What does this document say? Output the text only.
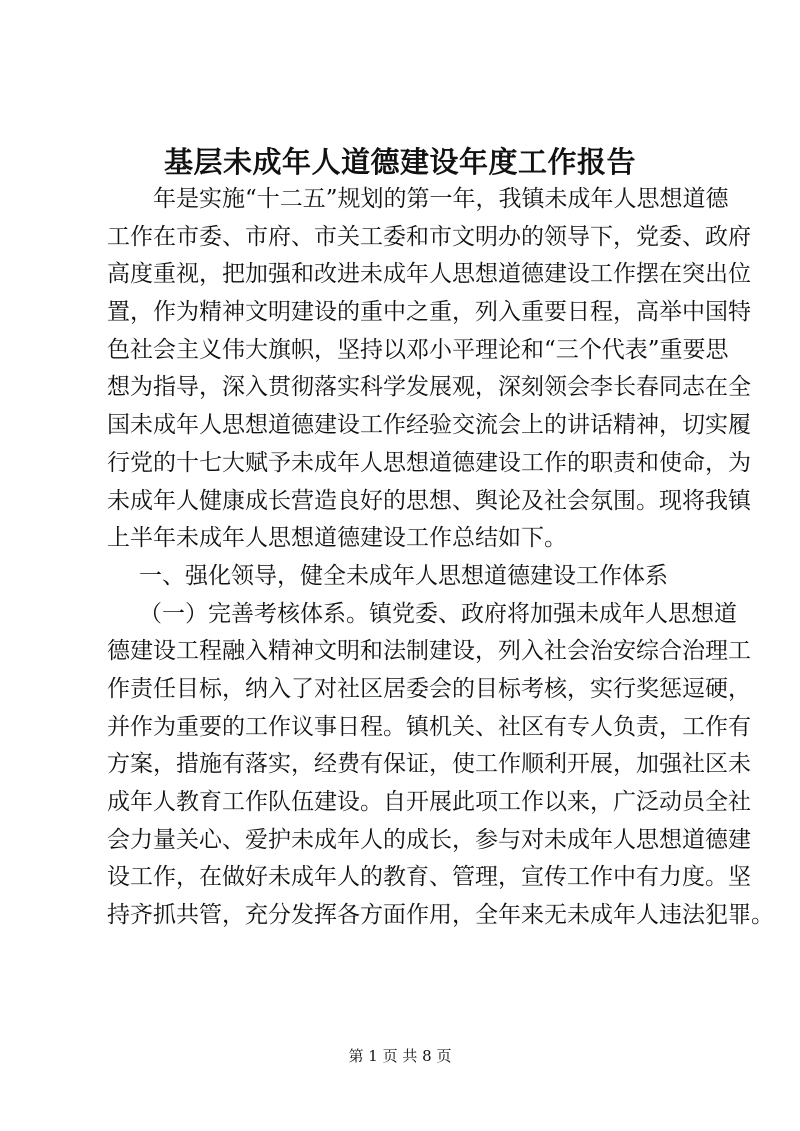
基层未成年人道德建设年度工作报告
年是实施“十二五”规划的第一年，我镇未成年人思想道德
工作在市委、市府、市关工委和市文明办的领导下，党委、政府
高度重视，把加强和改进未成年人思想道德建设工作摆在突出位
置，作为精神文明建设的重中之重，列入重要日程，高举中国特
色社会主义伟大旗帜，坚持以邓小平理论和“三个代表”重要思
想为指导，深入贯彻落实科学发展观，深刻领会李长春同志在全
国未成年人思想道德建设工作经验交流会上的讲话精神，切实履
行党的十七大赋予未成年人思想道德建设工作的职责和使命，为
未成年人健康成长营造良好的思想、舆论及社会氛围。现将我镇
上半年未成年人思想道德建设工作总结如下。
一、强化领导，健全未成年人思想道德建设工作体系
（一）完善考核体系。镇党委、政府将加强未成年人思想道
德建设工程融入精神文明和法制建设，列入社会治安综合治理工
作责任目标，纳入了对社区居委会的目标考核，实行奖惩逗硬，
并作为重要的工作议事日程。镇机关、社区有专人负责，工作有
方案，措施有落实，经费有保证，使工作顺利开展，加强社区未
成年人教育工作队伍建设。自开展此项工作以来，广泛动员全社
会力量关心、爱护未成年人的成长，参与对未成年人思想道德建
设工作，在做好未成年人的教育、管理，宣传工作中有力度。坚
持齐抓共管，充分发挥各方面作用，全年来无未成年人违法犯罪。
第 1 页 共 8 页
